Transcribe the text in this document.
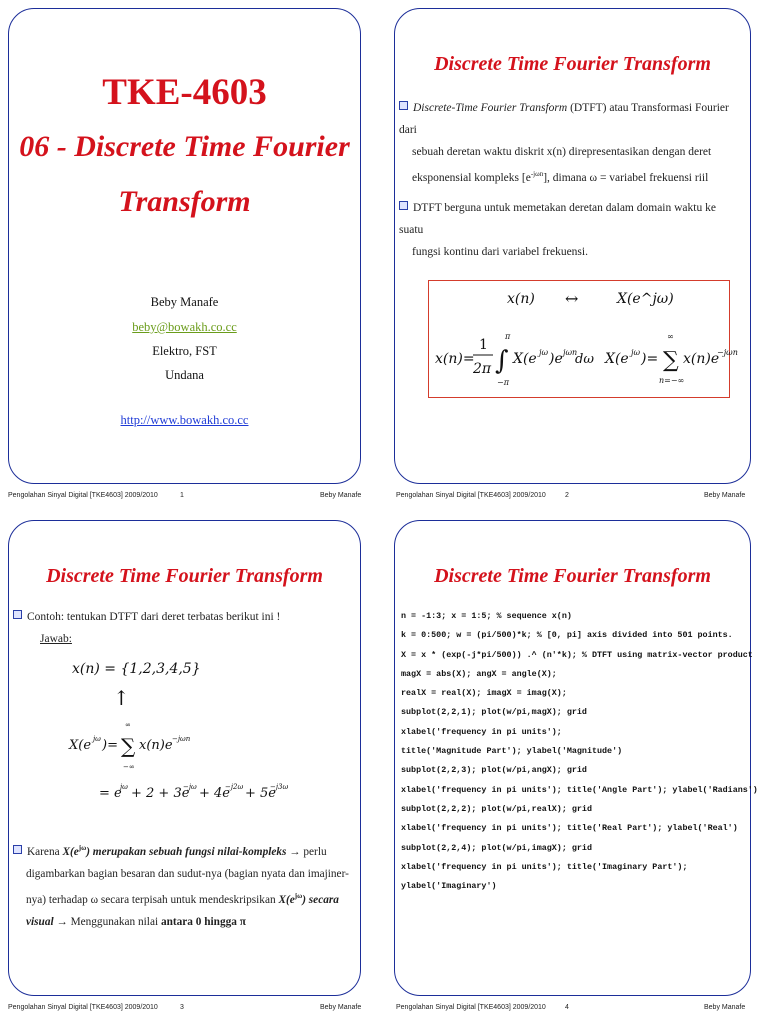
TKE-4603
06 - Discrete Time Fourier
Transform
Beby Manafe
beby@bowakh.co.cc
Elektro, FST
Undana
http://www.bowakh.co.cc
Pengolahan Sinyal Digital [TKE4603] 2009/2010	1	Beby Manafe
Discrete Time Fourier Transform
Discrete-Time Fourier Transform (DTFT) atau Transformasi Fourier dari
sebuah deretan waktu diskrit x(n) direpresentasikan dengan deret
eksponensial kompleks $[e^{-j\omega n}]$, dimana ω = variabel frekuensi riil
DTFT berguna untuk memetakan deretan dalam domain waktu ke suatu
fungsi kontinu dari variabel frekuensi.
x(n) ↔	X(e^jω)
x(n)=
1
2π ∫
π
−π
X(e jω )e jωn
dω X(e jω )= ∑
∞
n=−∞
x(n)e
−jωn
Pengolahan Sinyal Digital [TKE4603] 2009/2010	2	Beby Manafe
Discrete Time Fourier Transform
Contoh: tentukan DTFT dari deret terbatas berikut ini !
Jawab:
x(n) = {1,2,3,4,5}
↑
X(e jω )= ∑
∞
−∞
x(n)e −jωn
= e
jω + 2 + 3e
−jω + 4e
−j2ω + 5e
−j3ω
Karena $X(e^{j\omega})$ merupakan sebuah fungsi nilai-kompleks → perlu
digambarkan bagian besaran dan sudut-nya (bagian nyata dan imajiner-
nya) terhadap ω secara terpisah untuk mendeskripsikan $X(e^{j\omega})$ secara
visual → Menggunakan nilai antara 0 hingga π
Pengolahan Sinyal Digital [TKE4603] 2009/2010	3	Beby Manafe
Discrete Time Fourier Transform
n = -1:3; x = 1:5; % sequence x(n)
k = 0:500; w = (pi/500)*k; % [0, pi] axis divided into 501 points.
X = x * (exp(-j*pi/500)) .^ (n'*k); % DTFT using matrix-vector product
magX = abs(X); angX = angle(X);
realX = real(X); imagX = imag(X);
subplot(2,2,1); plot(w/pi,magX); grid
xlabel('frequency in pi units');
title('Magnitude Part'); ylabel('Magnitude')
subplot(2,2,3); plot(w/pi,angX); grid
xlabel('frequency in pi units'); title('Angle Part'); ylabel('Radians')
subplot(2,2,2); plot(w/pi,realX); grid
xlabel('frequency in pi units'); title('Real Part'); ylabel('Real')
subplot(2,2,4); plot(w/pi,imagX); grid
xlabel('frequency in pi units'); title('Imaginary Part');
ylabel('Imaginary')
Pengolahan Sinyal Digital [TKE4603] 2009/2010	4	Beby Manafe
